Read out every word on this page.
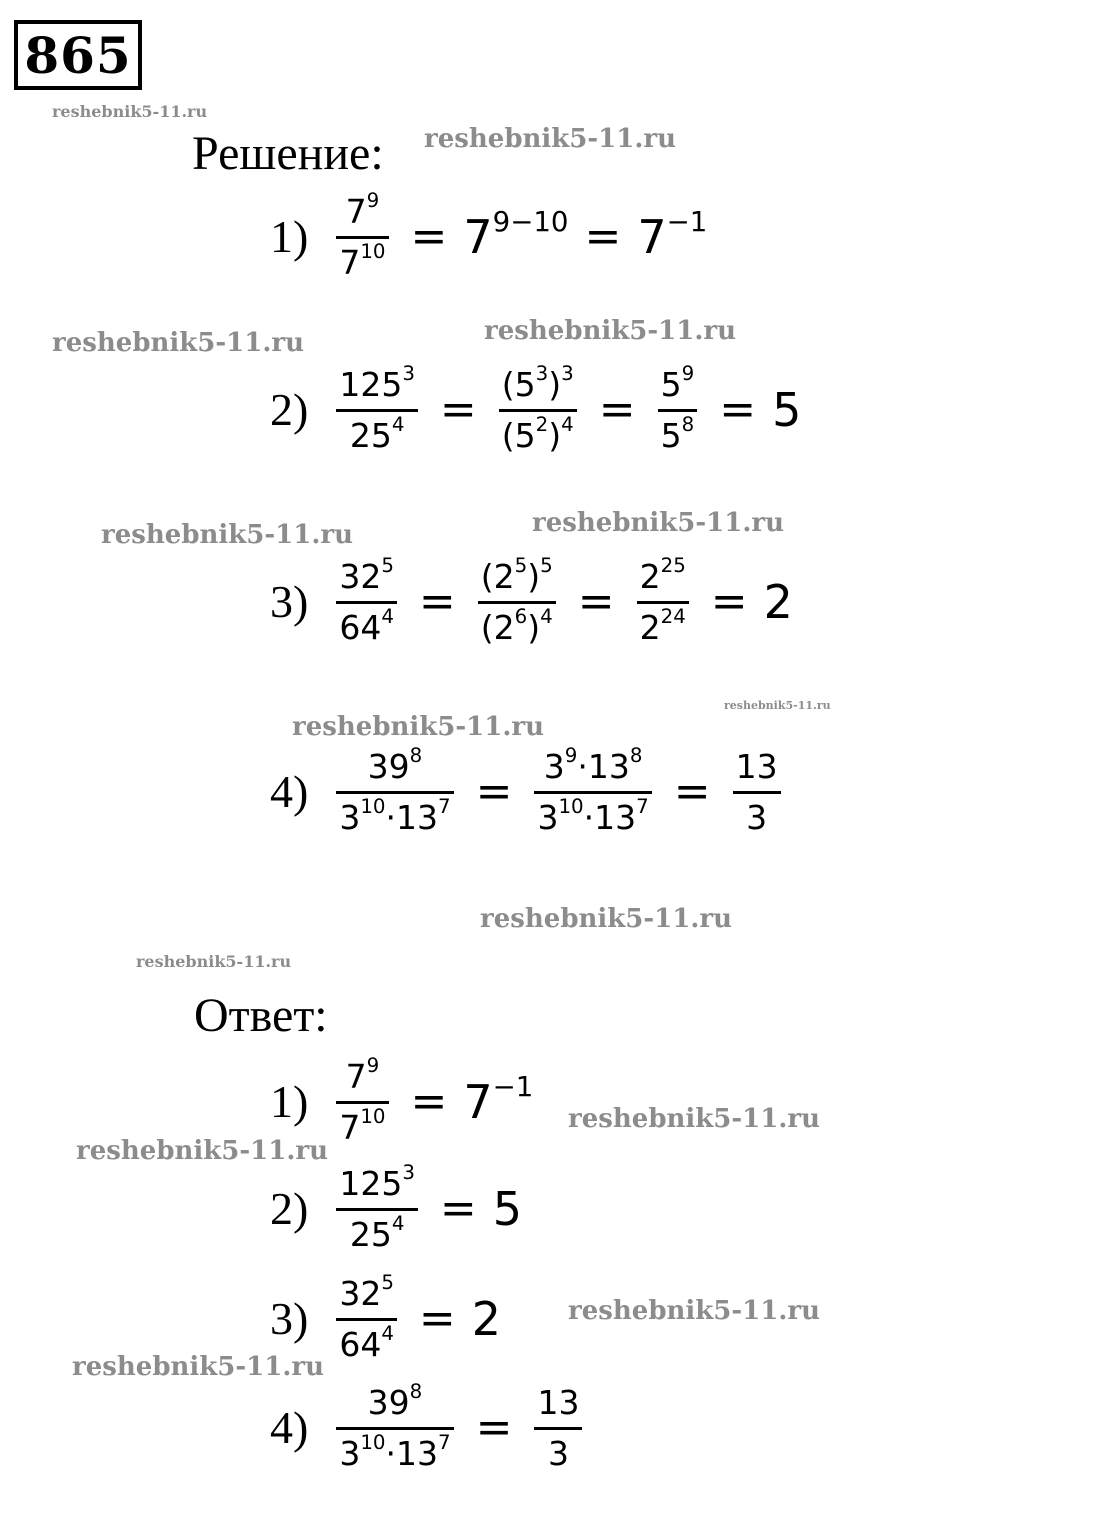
865
reshebnik5-11.ru
reshebnik5-11.ru
reshebnik5-11.ru	reshebnik5-11.ru
reshebnik5-11.ru	reshebnik5-11.ru
reshebnik5-11.ru
reshebnik5-11.ru
reshebnik5-11.ru
reshebnik5-11.ru
reshebnik5-11.ru
reshebnik5-11.ru
reshebnik5-11.ru
reshebnik5-11.ru
Решение:
$1) \frac{7^9}{7^{10}} = 7^{9-10} = 7^{-1}$
$2) \frac{125^3}{25^4} = \frac{(5^3)^3}{(5^2)^4} = \frac{5^9}{5^8} = 5$
$3) \frac{32^5}{64^4} = \frac{(2^5)^5}{(2^6)^4} = \frac{2^{25}}{2^{24}} = 2$
$4) \frac{39^8}{3^{10}\cdot 13^7} = \frac{3^9\cdot 13^8}{3^{10}\cdot 13^7} = \frac{13}{3}$
Ответ:
$1) \frac{7^9}{7^{10}} = 7^{-1}$
$2) \frac{125^3}{25^4} = 5$
$3) \frac{32^5}{64^4} = 2$
$4) \frac{39^8}{3^{10}\cdot 13^7} = \frac{13}{3}$
